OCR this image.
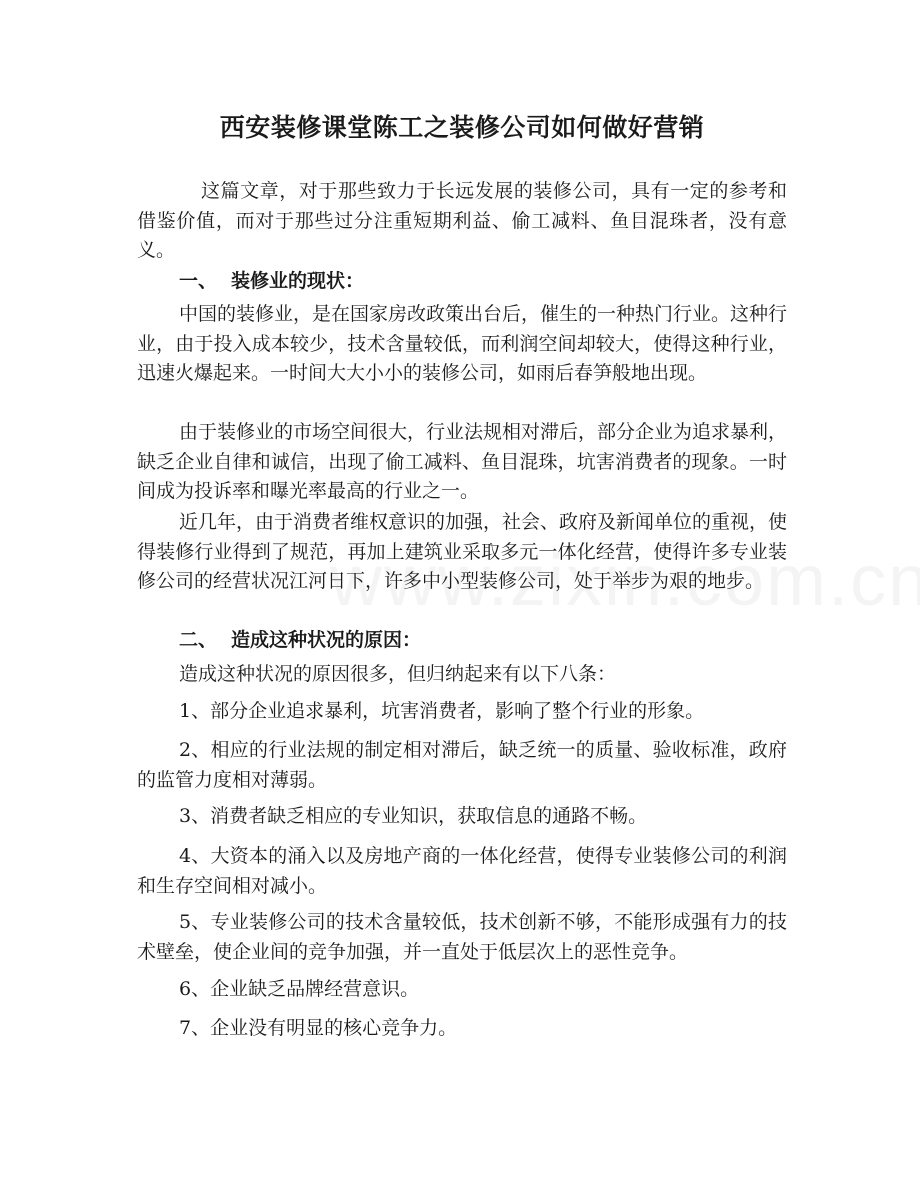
西安装修课堂陈工之装修公司如何做好营销

这篇文章，对于那些致力于长远发展的装修公司，具有一定的参考和借鉴价值，而对于那些过分注重短期利益、偷工减料、鱼目混珠者，没有意义。

一、 装修业的现状：

中国的装修业，是在国家房改政策出台后，催生的一种热门行业。这种行业，由于投入成本较少，技术含量较低，而利润空间却较大，使得这种行业，迅速火爆起来。一时间大大小小的装修公司，如雨后春笋般地出现。

由于装修业的市场空间很大，行业法规相对滞后，部分企业为追求暴利，缺乏企业自律和诚信，出现了偷工减料、鱼目混珠，坑害消费者的现象。一时间成为投诉率和曝光率最高的行业之一。

近几年，由于消费者维权意识的加强，社会、政府及新闻单位的重视，使得装修行业得到了规范，再加上建筑业采取多元一体化经营，使得许多专业装修公司的经营状况江河日下，许多中小型装修公司，处于举步为艰的地步。

二、 造成这种状况的原因：

造成这种状况的原因很多，但归纳起来有以下八条：

1、部分企业追求暴利，坑害消费者，影响了整个行业的形象。

2、相应的行业法规的制定相对滞后，缺乏统一的质量、验收标准，政府的监管力度相对薄弱。

3、消费者缺乏相应的专业知识，获取信息的通路不畅。

4、大资本的涌入以及房地产商的一体化经营，使得专业装修公司的利润和生存空间相对减小。

5、专业装修公司的技术含量较低，技术创新不够，不能形成强有力的技术壁垒，使企业间的竞争加强，并一直处于低层次上的恶性竞争。

6、企业缺乏品牌经营意识。

7、企业没有明显的核心竞争力。
